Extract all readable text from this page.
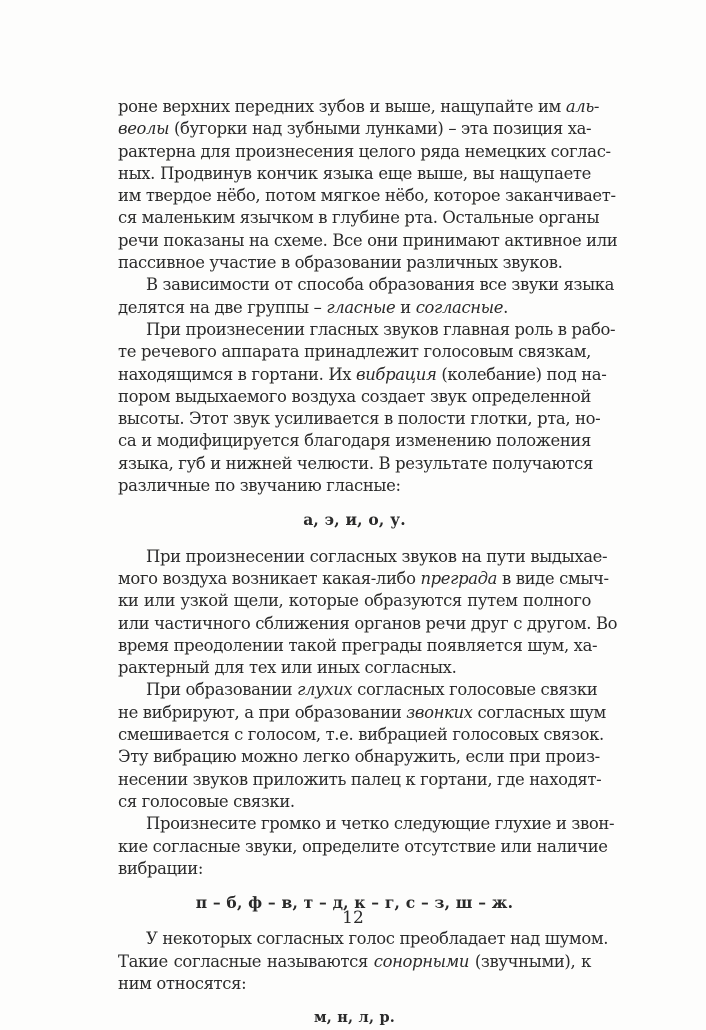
роне верхних передних зубов и выше, нащупайте им аль-
веолы (бугорки над зубными лунками) – эта позиция ха-
рактерна для произнесения целого ряда немецких соглас-
ных. Продвинув кончик языка еще выше, вы нащупаете
им твердое нёбо, потом мягкое нёбо, которое заканчивает-
ся маленьким язычком в глубине рта. Остальные органы
речи показаны на схеме. Все они принимают активное или
пассивное участие в образовании различных звуков.
В зависимости от способа образования все звуки языка
делятся на две группы – гласные и согласные.
При произнесении гласных звуков главная роль в рабо-
те речевого аппарата принадлежит голосовым связкам,
находящимся в гортани. Их вибрация (колебание) под на-
пором выдыхаемого воздуха создает звук определенной
высоты. Этот звук усиливается в полости глотки, рта, но-
са и модифицируется благодаря изменению положения
языка, губ и нижней челюсти. В результате получаются
различные по звучанию гласные:
а, э, и, о, у.
При произнесении согласных звуков на пути выдыхае-
мого воздуха возникает какая-либо преграда в виде смыч-
ки или узкой щели, которые образуются путем полного
или частичного сближения органов речи друг с другом. Во
время преодолении такой преграды появляется шум, ха-
рактерный для тех или иных согласных.
При образовании глухих согласных голосовые связки
не вибрируют, а при образовании звонких согласных шум
смешивается с голосом, т.е. вибрацией голосовых связок.
Эту вибрацию можно легко обнаружить, если при произ-
несении звуков приложить палец к гортани, где находят-
ся голосовые связки.
Произнесите громко и четко следующие глухие и звон-
кие согласные звуки, определите отсутствие или наличие
вибрации:
п – б, ф – в, т – д, к – г, с – з, ш – ж.
У некоторых согласных голос преобладает над шумом.
Такие согласные называются сонорными (звучными), к
ним относятся:
м, н, л, р.
12
